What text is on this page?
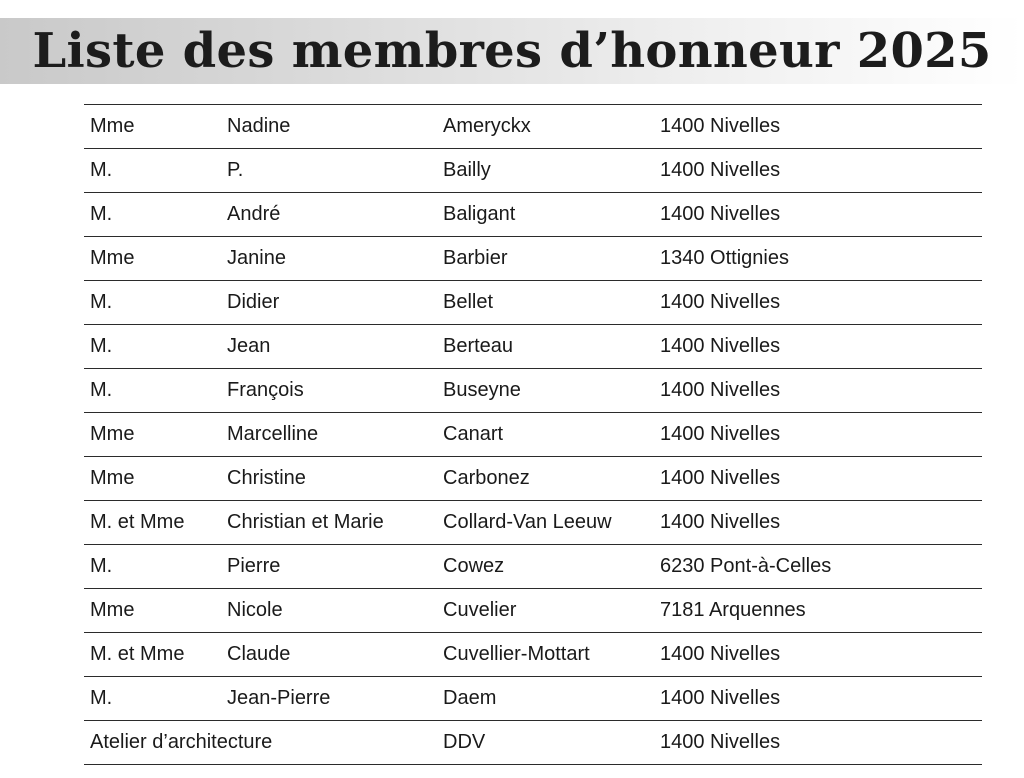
Liste des membres d’honneur 2025
Mme	Nadine	Ameryckx	1400 Nivelles
M.	P.	Bailly	1400 Nivelles
M.	André	Baligant	1400 Nivelles
Mme	Janine	Barbier	1340 Ottignies
M.	Didier	Bellet	1400 Nivelles
M.	Jean	Berteau	1400 Nivelles
M.	François	Buseyne	1400 Nivelles
Mme	Marcelline	Canart	1400 Nivelles
Mme	Christine	Carbonez	1400 Nivelles
M. et Mme	Christian et Marie	Collard-Van Leeuw	1400 Nivelles
M.	Pierre	Cowez	6230 Pont-à-Celles
Mme	Nicole	Cuvelier	7181 Arquennes
M. et Mme	Claude	Cuvellier-Mottart	1400 Nivelles
M.	Jean-Pierre	Daem	1400 Nivelles
Atelier d’architecture		DDV	1400 Nivelles
